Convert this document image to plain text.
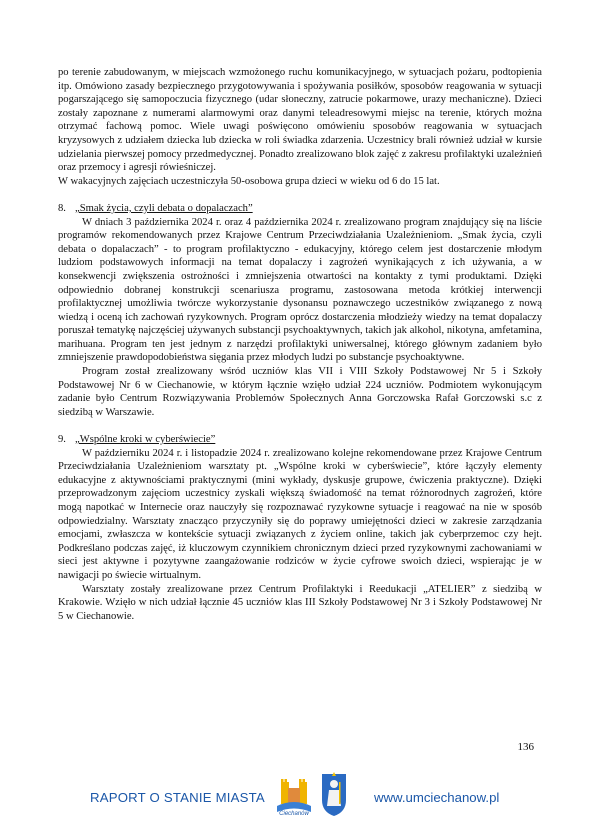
po terenie zabudowanym, w miejscach wzmożonego ruchu komunikacyjnego, w sytuacjach pożaru, podtopienia itp. Omówiono zasady bezpiecznego przygotowywania i spożywania posiłków, sposobów reagowania w sytuacji pogarszającego się samopoczucia fizycznego (udar słoneczny, zatrucie pokarmowe, urazy mechaniczne). Dzieci zostały zapoznane z numerami alarmowymi oraz danymi teleadresowymi miejsc na terenie, których można otrzymać fachową pomoc. Wiele uwagi poświęcono omówieniu sposobów reagowania w sytuacjach kryzysowych z udziałem dziecka lub dziecka w roli świadka zdarzenia. Uczestnicy brali również udział w kursie udzielania pierwszej pomocy przedmedycznej. Ponadto zrealizowano blok zajęć z zakresu profilaktyki uzależnień oraz przemocy i agresji rówieśniczej.

W wakacyjnych zajęciach uczestniczyła 50-osobowa grupa dzieci w wieku od 6 do 15 lat.

8. „Smak życia, czyli debata o dopalaczach”

W dniach 3 października 2024 r. oraz 4 października 2024 r. zrealizowano program znajdujący się na liście programów rekomendowanych przez Krajowe Centrum Przeciwdziałania Uzależnieniom. „Smak życia, czyli debata o dopalaczach” - to program profilaktyczno - edukacyjny, którego celem jest dostarczenie młodym ludziom podstawowych informacji na temat dopalaczy i zagrożeń wynikających z ich używania, a w konsekwencji zwiększenia ostrożności i zmniejszenia otwartości na kontakty z tymi produktami. Dzięki odpowiednio dobranej konstrukcji scenariusza programu, zastosowana metoda krótkiej interwencji profilaktycznej umożliwia twórcze wykorzystanie dysonansu poznawczego uczestników związanego z nową wiedzą i oceną ich zachowań ryzykownych. Program oprócz dostarczenia młodzieży wiedzy na temat dopalaczy poruszał tematykę najczęściej używanych substancji psychoaktywnych, takich jak alkohol, nikotyna, amfetamina, marihuana. Program ten jest jednym z narzędzi profilaktyki uniwersalnej, którego głównym zadaniem było zmniejszenie prawdopodobieństwa sięgania przez młodych ludzi po substancje psychoaktywne.

Program został zrealizowany wśród uczniów klas VII i VIII Szkoły Podstawowej Nr 5 i Szkoły Podstawowej Nr 6 w Ciechanowie, w którym łącznie wzięło udział 224 uczniów. Podmiotem wykonującym zadanie było Centrum Rozwiązywania Problemów Społecznych Anna Gorczowska Rafał Gorczowski s.c z siedzibą w Warszawie.

9. „Wspólne kroki w cyberświecie”

W październiku 2024 r. i listopadzie 2024 r. zrealizowano kolejne rekomendowane przez Krajowe Centrum Przeciwdziałania Uzależnieniom warsztaty pt. „Wspólne kroki w cyberświecie”, które łączyły elementy edukacyjne z aktywnościami praktycznymi (mini wykłady, dyskusje grupowe, ćwiczenia praktyczne). Dzięki przeprowadzonym zajęciom uczestnicy zyskali większą świadomość na temat różnorodnych zagrożeń, które mogą napotkać w Internecie oraz nauczyły się rozpoznawać ryzykowne sytuacje i reagować na nie w sposób odpowiedzialny. Warsztaty znacząco przyczyniły się do poprawy umiejętności dzieci w zakresie zarządzania emocjami, zwłaszcza w kontekście sytuacji związanych z życiem online, takich jak cyberprzemoc czy hejt. Podkreślano podczas zajęć, iż kluczowym czynnikiem chronicznym dzieci przed ryzykownymi zachowaniami w sieci jest aktywne i pozytywne zaangażowanie rodziców w życie cyfrowe swoich dzieci, wspierając je w nawigacji po świecie wirtualnym.

Warsztaty zostały zrealizowane przez Centrum Profilaktyki i Reedukacji „ATELIER” z siedzibą w Krakowie. Wzięło w nich udział łącznie 45 uczniów klas III Szkoły Podstawowej Nr 3 i Szkoły Podstawowej Nr 5 w Ciechanowie.

136
RAPORT O STANIE MIASTA
Ciechanów
www.umciechanow.pl
